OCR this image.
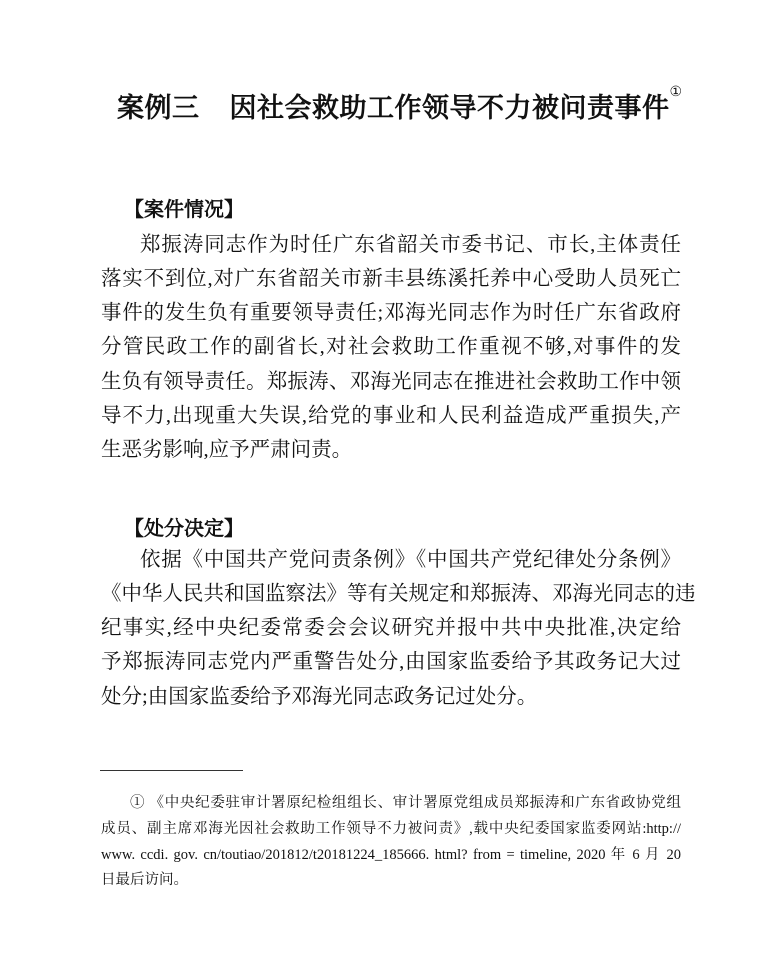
案例三 因社会救助工作领导不力被问责事件①
【案件情况】
郑振涛同志作为时任广东省韶关市委书记、市长,主体责任
落实不到位,对广东省韶关市新丰县练溪托养中心受助人员死亡
事件的发生负有重要领导责任;邓海光同志作为时任广东省政府
分管民政工作的副省长,对社会救助工作重视不够,对事件的发
生负有领导责任。郑振涛、邓海光同志在推进社会救助工作中领
导不力,出现重大失误,给党的事业和人民利益造成严重损失,产
生恶劣影响,应予严肃问责。
【处分决定】
依据《中国共产党问责条例》《中国共产党纪律处分条例》
《中华人民共和国监察法》等有关规定和郑振涛、邓海光同志的违
纪事实,经中央纪委常委会会议研究并报中共中央批准,决定给
予郑振涛同志党内严重警告处分,由国家监委给予其政务记大过
处分;由国家监委给予邓海光同志政务记过处分。
① 《中央纪委驻审计署原纪检组组长、审计署原党组成员郑振涛和广东省政协党组
成员、副主席邓海光因社会救助工作领导不力被问责》,载中央纪委国家监委网站:http://
www. ccdi. gov. cn/toutiao/201812/t20181224_185666. html? from = timeline, 2020 年 6 月 20
日最后访问。
